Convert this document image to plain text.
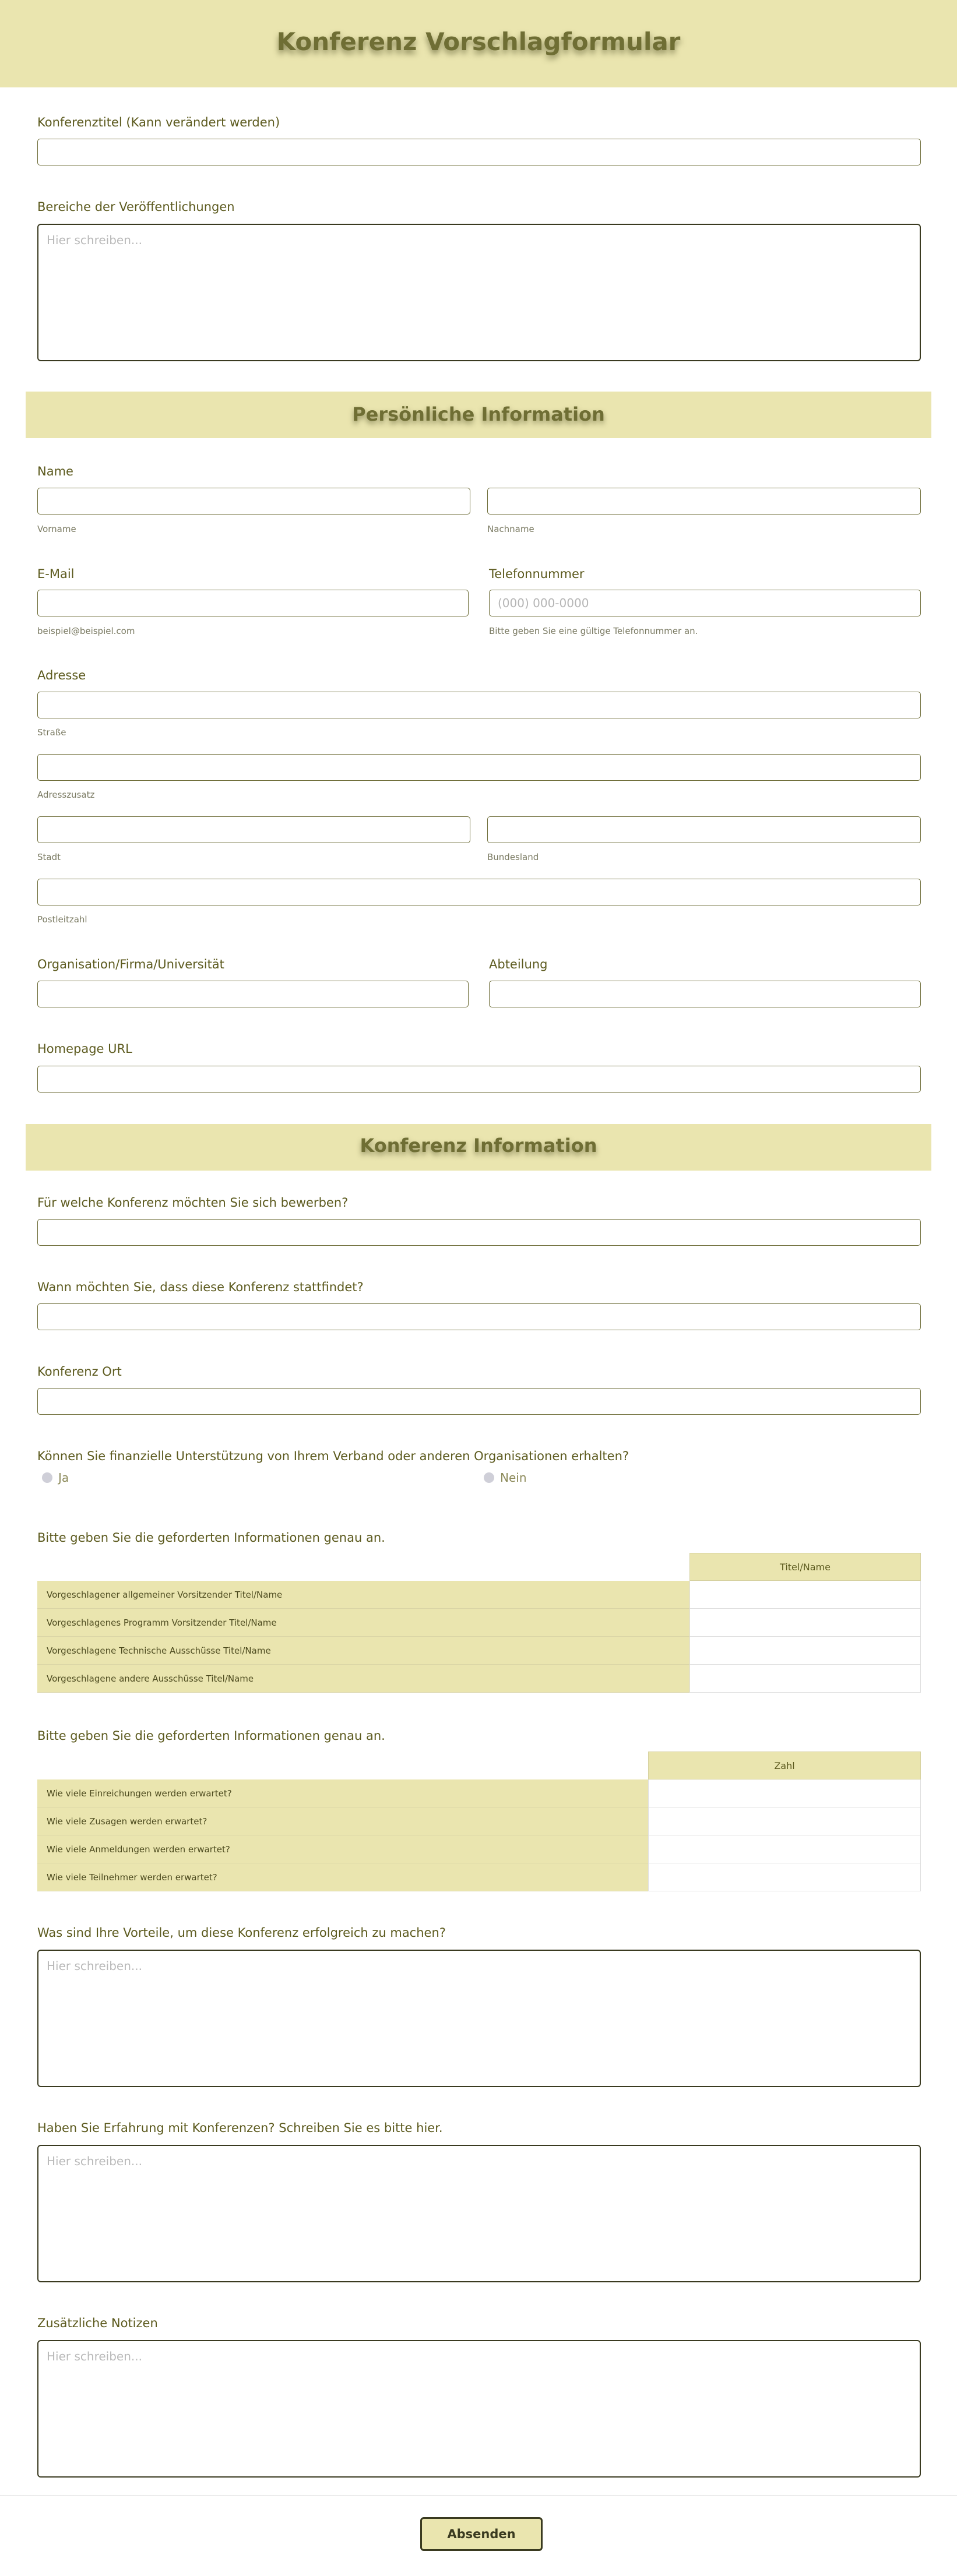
Konferenz Vorschlagformular
Konferenztitel (Kann verändert werden)
Bereiche der Veröffentlichungen
Hier schreiben...
Persönliche Information
Name
Vorname	Nachname
E-Mail	Telefonnummer
(000) 000-0000
beispiel@beispiel.com	Bitte geben Sie eine gültige Telefonnummer an.
Adresse
Straße
Adresszusatz
Stadt	Bundesland
Postleitzahl
Organisation/Firma/Universität	Abteilung
Homepage URL
Konferenz Information
Für welche Konferenz möchten Sie sich bewerben?
Wann möchten Sie, dass diese Konferenz stattfindet?
Konferenz Ort
Können Sie finanzielle Unterstützung von Ihrem Verband oder anderen Organisationen erhalten?
Ja	Nein
Bitte geben Sie die geforderten Informationen genau an.
Titel/Name
Vorgeschlagener allgemeiner Vorsitzender Titel/Name
Vorgeschlagenes Programm Vorsitzender Titel/Name
Vorgeschlagene Technische Ausschüsse Titel/Name
Vorgeschlagene andere Ausschüsse Titel/Name
Bitte geben Sie die geforderten Informationen genau an.
Zahl
Wie viele Einreichungen werden erwartet?
Wie viele Zusagen werden erwartet?
Wie viele Anmeldungen werden erwartet?
Wie viele Teilnehmer werden erwartet?
Was sind Ihre Vorteile, um diese Konferenz erfolgreich zu machen?
Hier schreiben...
Haben Sie Erfahrung mit Konferenzen? Schreiben Sie es bitte hier.
Hier schreiben...
Zusätzliche Notizen
Hier schreiben...
Absenden
